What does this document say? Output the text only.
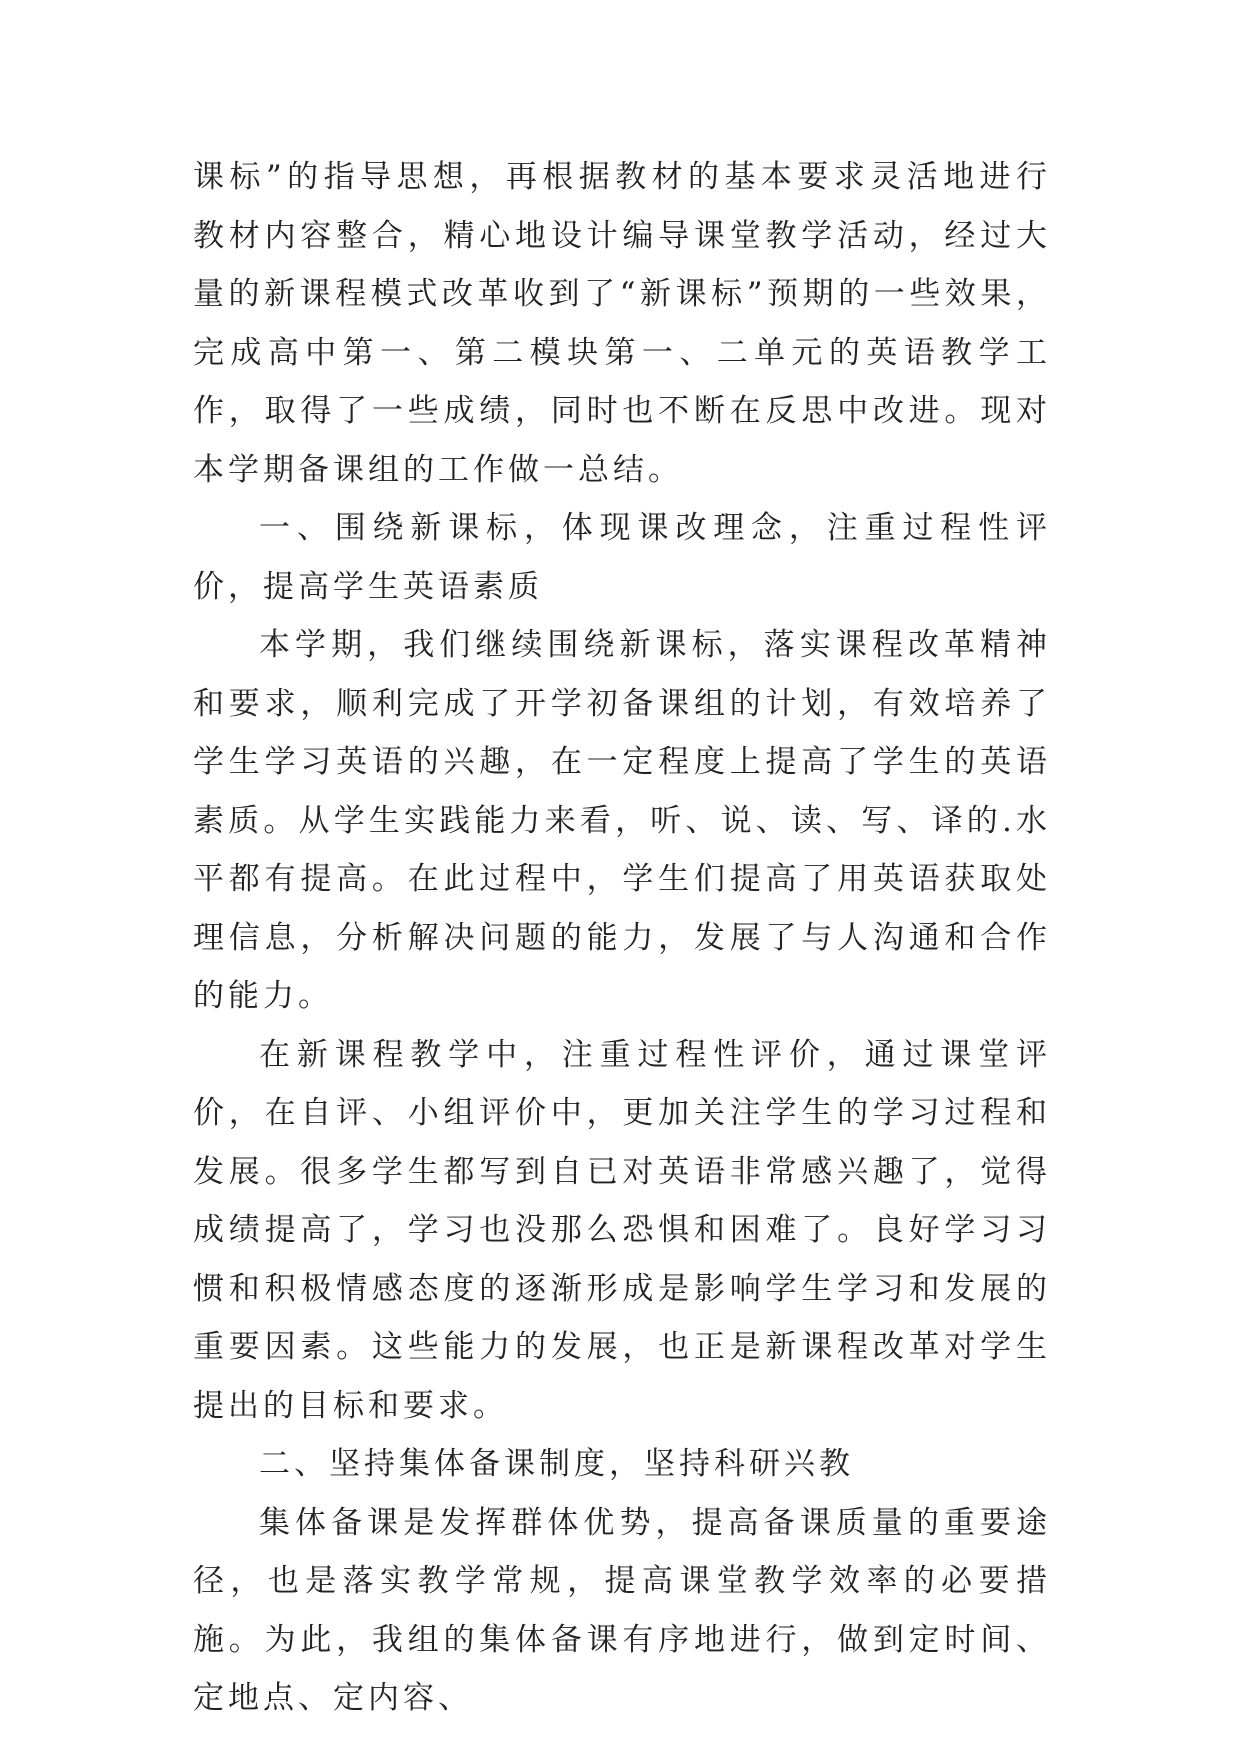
课标”的指导思想，再根据教材的基本要求灵活地进行教材内容整合，精心地设计编导课堂教学活动，经过大量的新课程模式改革收到了“新课标”预期的一些效果，完成高中第一、第二模块第一、二单元的英语教学工作，取得了一些成绩，同时也不断在反思中改进。现对本学期备课组的工作做一总结。

一、围绕新课标，体现课改理念，注重过程性评价，提高学生英语素质

本学期，我们继续围绕新课标，落实课程改革精神和要求，顺利完成了开学初备课组的计划，有效培养了学生学习英语的兴趣，在一定程度上提高了学生的英语素质。从学生实践能力来看，听、说、读、写、译的.水平都有提高。在此过程中，学生们提高了用英语获取处理信息，分析解决问题的能力，发展了与人沟通和合作的能力。

在新课程教学中，注重过程性评价，通过课堂评价，在自评、小组评价中，更加关注学生的学习过程和发展。很多学生都写到自已对英语非常感兴趣了，觉得成绩提高了，学习也没那么恐惧和困难了。良好学习习惯和积极情感态度的逐渐形成是影响学生学习和发展的重要因素。这些能力的发展，也正是新课程改革对学生提出的目标和要求。

二、坚持集体备课制度，坚持科研兴教

集体备课是发挥群体优势，提高备课质量的重要途径，也是落实教学常规，提高课堂教学效率的必要措施。为此，我组的集体备课有序地进行，做到定时间、定地点、定内容、
